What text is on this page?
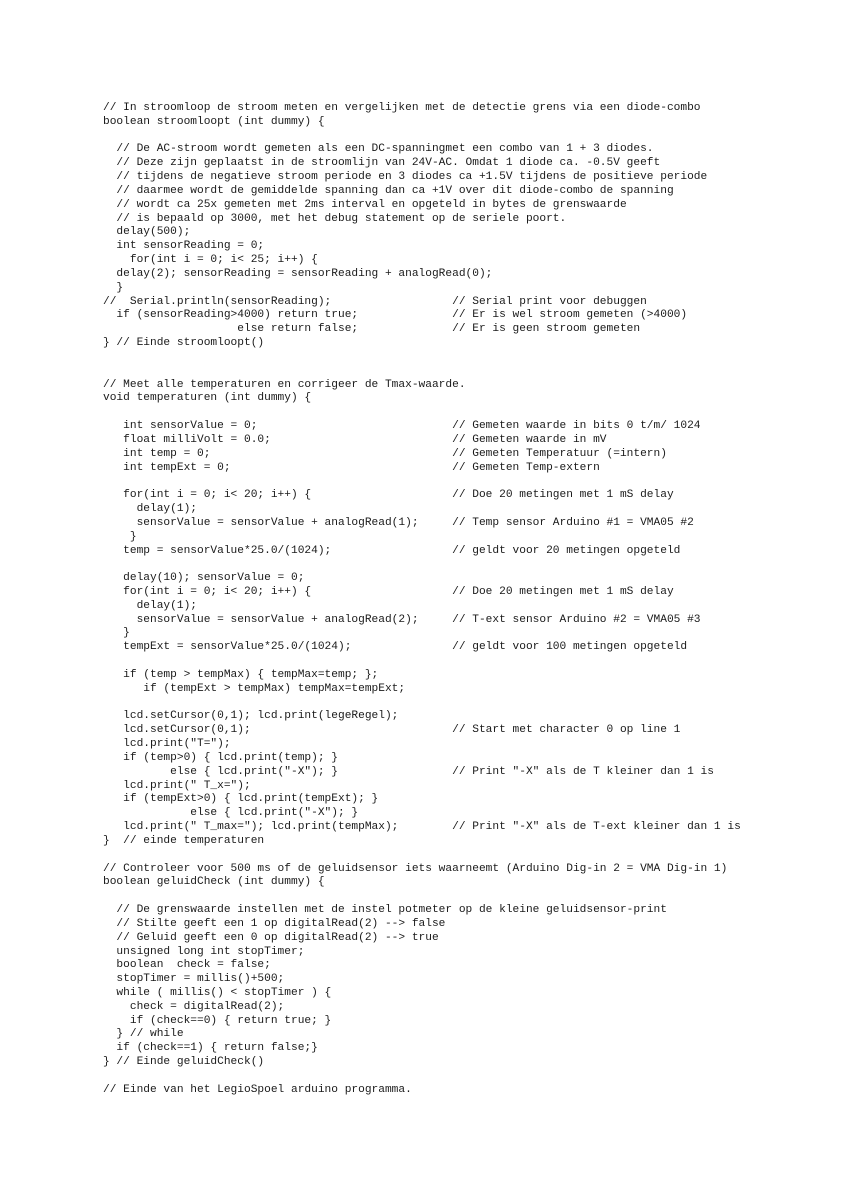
// In stroomloop de stroom meten en vergelijken met de detectie grens via een diode-combo
boolean stroomloopt (int dummy) {
// De AC-stroom wordt gemeten als een DC-spanningmet een combo van 1 + 3 diodes.
// Deze zijn geplaatst in de stroomlijn van 24V-AC. Omdat 1 diode ca. -0.5V geeft
// tijdens de negatieve stroom periode en 3 diodes ca +1.5V tijdens de positieve periode
// daarmee wordt de gemiddelde spanning dan ca +1V over dit diode-combo de spanning
// wordt ca 25x gemeten met 2ms interval en opgeteld in bytes de grenswaarde
// is bepaald op 3000, met het debug statement op de seriele poort.
delay(500);
int sensorReading = 0;
for(int i = 0; i< 25; i++) {
delay(2); sensorReading = sensorReading + analogRead(0);
}
//  Serial.println(sensorReading);                  // Serial print voor debuggen
if (sensorReading>4000) return true;              // Er is wel stroom gemeten (>4000)
else return false;              // Er is geen stroom gemeten
} // Einde stroomloopt()
// Meet alle temperaturen en corrigeer de Tmax-waarde.
void temperaturen (int dummy) {
int sensorValue = 0;                             // Gemeten waarde in bits 0 t/m/ 1024
float milliVolt = 0.0;                           // Gemeten waarde in mV
int temp = 0;                                    // Gemeten Temperatuur (=intern)
int tempExt = 0;                                 // Gemeten Temp-extern
for(int i = 0; i< 20; i++) {                     // Doe 20 metingen met 1 mS delay
delay(1);
sensorValue = sensorValue + analogRead(1);     // Temp sensor Arduino #1 = VMA05 #2
}
temp = sensorValue*25.0/(1024);                  // geldt voor 20 metingen opgeteld
delay(10); sensorValue = 0;
for(int i = 0; i< 20; i++) {                     // Doe 20 metingen met 1 mS delay
delay(1);
sensorValue = sensorValue + analogRead(2);     // T-ext sensor Arduino #2 = VMA05 #3
}
tempExt = sensorValue*25.0/(1024);               // geldt voor 100 metingen opgeteld
if (temp > tempMax) { tempMax=temp; };
if (tempExt > tempMax) tempMax=tempExt;
lcd.setCursor(0,1); lcd.print(legeRegel);
lcd.setCursor(0,1);                              // Start met character 0 op line 1
lcd.print("T=");
if (temp>0) { lcd.print(temp); }
else { lcd.print("-X"); }                 // Print "-X" als de T kleiner dan 1 is
lcd.print(" T_x=");
if (tempExt>0) { lcd.print(tempExt); }
else { lcd.print("-X"); }
lcd.print(" T_max="); lcd.print(tempMax);        // Print "-X" als de T-ext kleiner dan 1 is
}  // einde temperaturen
// Controleer voor 500 ms of de geluidsensor iets waarneemt (Arduino Dig-in 2 = VMA Dig-in 1)
boolean geluidCheck (int dummy) {
// De grenswaarde instellen met de instel potmeter op de kleine geluidsensor-print
// Stilte geeft een 1 op digitalRead(2) --> false
// Geluid geeft een 0 op digitalRead(2) --> true
unsigned long int stopTimer;
boolean  check = false;
stopTimer = millis()+500;
while ( millis() < stopTimer ) {
check = digitalRead(2);
if (check==0) { return true; }
} // while
if (check==1) { return false;}
} // Einde geluidCheck()
// Einde van het LegioSpoel arduino programma.
